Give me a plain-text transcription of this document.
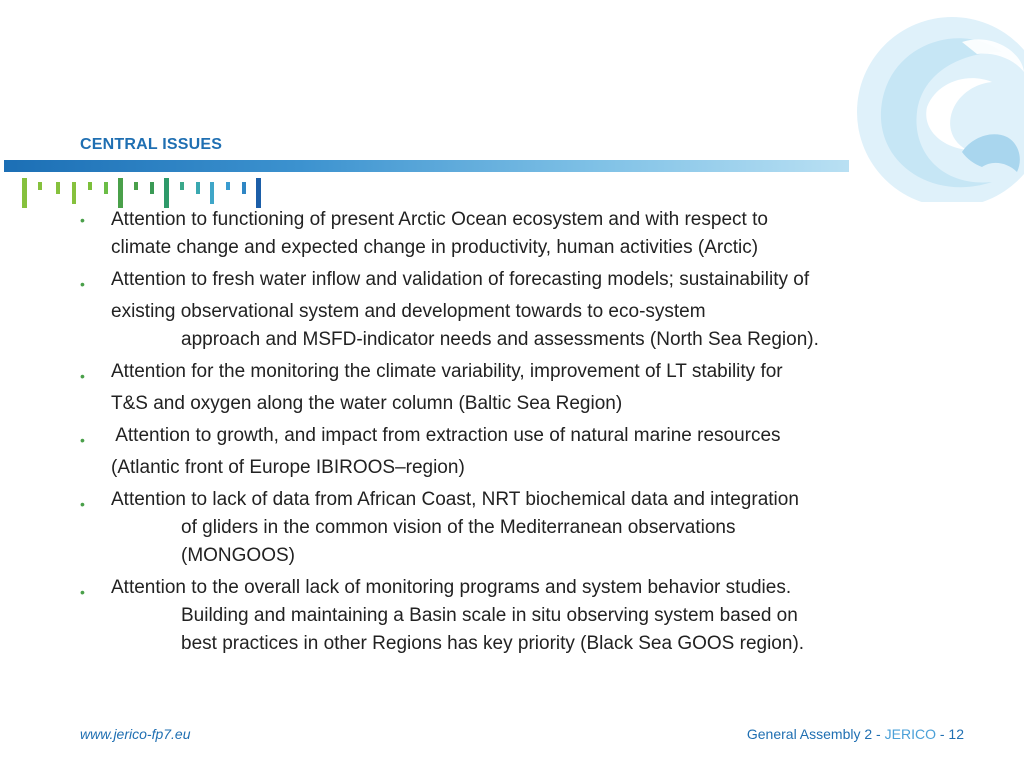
CENTRAL ISSUES
• Attention to functioning of present Arctic Ocean ecosystem and with respect to
climate change and expected change in productivity, human activities (Arctic)
• Attention to fresh water inflow and validation of forecasting models; sustainability of
existing observational system and development towards to eco-system
approach and MSFD-indicator needs and assessments (North Sea Region).
• Attention for the monitoring the climate variability, improvement of LT stability for
T&S and oxygen along the water column (Baltic Sea Region)
• Attention to growth, and impact from extraction use of natural marine resources
(Atlantic front of Europe IBIROOS–region)
• Attention to lack of data from African Coast, NRT biochemical data and integration
of gliders in the common vision of the Mediterranean observations
(MONGOOS)
• Attention to the overall lack of monitoring programs and system behavior studies.
Building and maintaining a Basin scale in situ observing system based on
best practices in other Regions has key priority (Black Sea GOOS region).
www.jerico-fp7.eu	General Assembly 2 - JERICO - 12
